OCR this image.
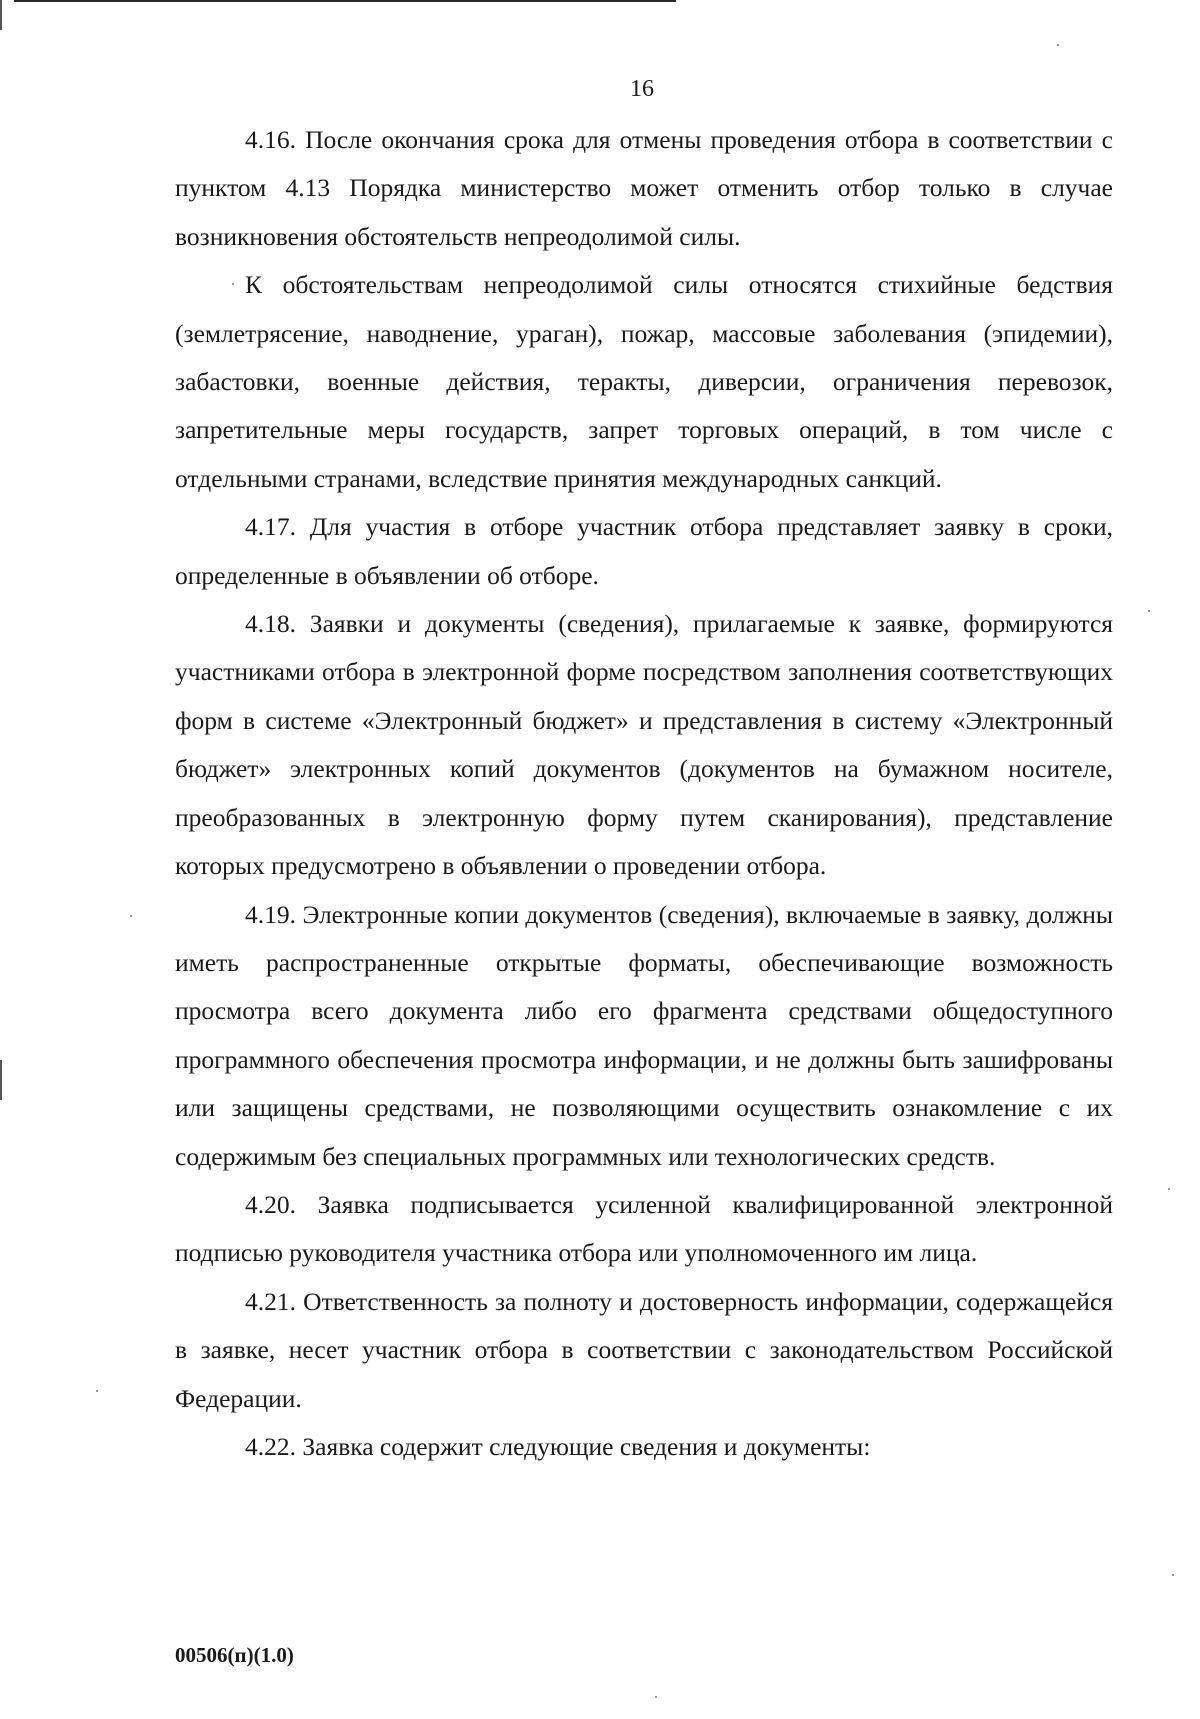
16

4.16. После окончания срока для отмены проведения отбора в соответствии с пунктом 4.13 Порядка министерство может отменить отбор только в случае возникновения обстоятельств непреодолимой силы.

К обстоятельствам непреодолимой силы относятся стихийные бедствия (землетрясение, наводнение, ураган), пожар, массовые заболевания (эпидемии), забастовки, военные действия, теракты, диверсии, ограничения перевозок, запретительные меры государств, запрет торговых операций, в том числе с отдельными странами, вследствие принятия международных санкций.

4.17. Для участия в отборе участник отбора представляет заявку в сроки, определенные в объявлении об отборе.

4.18. Заявки и документы (сведения), прилагаемые к заявке, формируются участниками отбора в электронной форме посредством заполнения соответствующих форм в системе «Электронный бюджет» и представления в систему «Электронный бюджет» электронных копий документов (документов на бумажном носителе, преобразованных в электронную форму путем сканирования), представление которых предусмотрено в объявлении о проведении отбора.

4.19. Электронные копии документов (сведения), включаемые в заявку, должны иметь распространенные открытые форматы, обеспечивающие возможность просмотра всего документа либо его фрагмента средствами общедоступного программного обеспечения просмотра информации, и не должны быть зашифрованы или защищены средствами, не позволяющими осуществить ознакомление с их содержимым без специальных программных или технологических средств.

4.20. Заявка подписывается усиленной квалифицированной электронной подписью руководителя участника отбора или уполномоченного им лица.

4.21. Ответственность за полноту и достоверность информации, содержащейся в заявке, несет участник отбора в соответствии с законодательством Российской Федерации.

4.22. Заявка содержит следующие сведения и документы:

00506(п)(1.0)
